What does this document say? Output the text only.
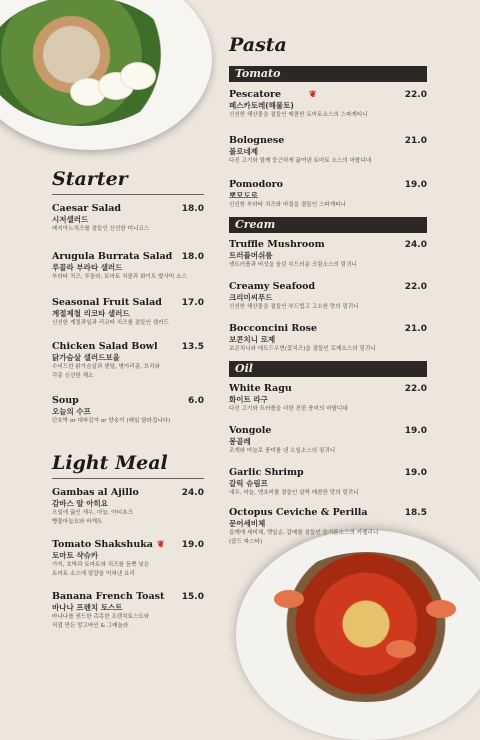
Starter
Caesar Salad	18.0
시저샐러드
레지아노치즈를 곁들인 신선한 미니코스
Arugula Burrata Salad	18.0
루꼴라 부라타 샐러드
부라타 치즈, 루꼴라, 토마토 치콜과 화이트 발사믹 소스
Seasonal Fruit Salad	17.0
계절제철 리코타 샐러드
신선한 계절과일과 리코타 치즈를 곁들인 샐러드
Chicken Salad Bowl	13.5
닭가슴살 샐러드보울
수비드한 닭가슴살과 렌틸, 병아리콩, 브리와
각종 신선한 채소
Soup	6.0
오늘의 수프
단호박 or 대파감자 or 양송이 (매일 달라집니다)
Light Meal
Gambas al Ajillo	24.0
감바스 알 아히요
오일에 끓인 새우, 마늘, 아티초크
빵물마늘요와 바게트
Tomato Shakshuka ❦	19.0
토마토 샥슈카
가지, 호박과 토마토와 치즈를 듬뿍 넣은
토마토 소스에 달걀을 익혀낸 요리
Banana French Toast	15.0
바나나 프렌치 토스트
바나나를 샌드한 촉촉한 프렌치토스트와
직접 만든 망고바인 & 그래놀라
Pasta
Tomato
Pescatore	❦	22.0
페스카토레(해물토)
신선한 해산물을 곁들인 매콤한 토마토소스의 스파게티니
Bolognese	21.0
볼로네제
다진 고기와 함께 뭉근하게 끓여낸 토마토 소스의 마팔디네
Pomodoro	19.0
뽀모도로
신선한 부라타 치즈와 바질을 곁들인 스파게티니
Cream
Truffle Mushroom	24.0
트러플머쉬룸
생트러플과 버섯을 올린 부드러운 크림소스의 링귀니
Creamy Seafood	22.0
크리미씨푸드
신선한 해산물을 곁들인 부드럽고 고소한 맛의 링귀니
Bocconcini Rose	21.0
보콘치니 로제
보콘치니와 데트드우면(꽃치즈)을 곁들인 로제소스의 링귀니
Oil
White Ragu	22.0
화이트 라구
다진 고기와 트러플을 더한 진한 풍미의 마팔디네
Vongole	19.0
봉골레
조개와 마늘로 풍미를 낸 오일소스의 링귀니
Garlic Shrimp	19.0
갈릭 슈림프
새우, 마늘, 엔초비를 곁들인 살짝 매콤한 맛의 링귀니
Octopus Ceviche & Perilla	18.5
문어세비체
들깨에 세비체, 깻잎순, 갑배를 곁들인 들기름소스의 카펠리니
(콜드 파스타)
